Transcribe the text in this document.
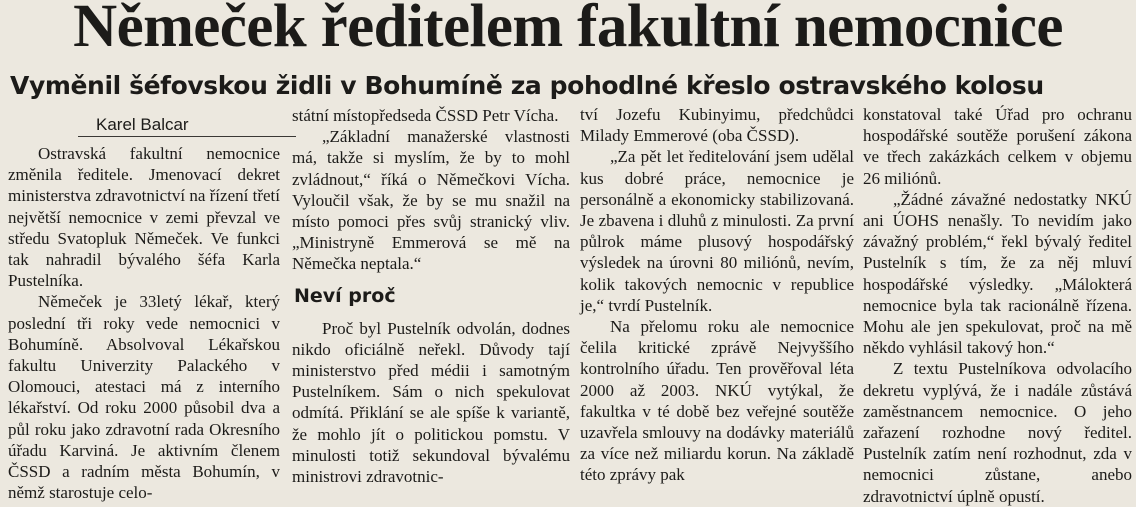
Němeček ředitelem fakultní nemocnice
Vyměnil šéfovskou židli v Bohumíně za pohodlné křeslo ostravského kolosu
Karel Balcar

Ostravská fakultní nemocnice změnila ředitele. Jmenovací dekret ministerstva zdravotnictví na řízení třetí největší nemocnice v zemi převzal ve středu Svatopluk Němeček. Ve funkci tak nahradil bývalého šéfa Karla Pustelníka.

Němeček je 33letý lékař, který poslední tři roky vede nemocnici v Bohumíně. Absolvoval Lékařskou fakultu Univerzity Palackého v Olomouci, atestaci má z interního lékařství. Od roku 2000 působil dva a půl roku jako zdravotní rada Okresního úřadu Karviná. Je aktivním členem ČSSD a radním města Bohumín, v němž starostuje celo-

státní místopředseda ČSSD Petr Vícha.

„Základní manažerské vlastnosti má, takže si myslím, že by to mohl zvládnout,“ říká o Němečkovi Vícha. Vyloučil však, že by se mu snažil na místo pomoci přes svůj stranický vliv. „Ministryně Emmerová se mě na Němečka neptala.“

Neví proč

Proč byl Pustelník odvolán, dodnes nikdo oficiálně neřekl. Důvody tají ministerstvo před médii i samotným Pustelníkem. Sám o nich spekulovat odmítá. Přiklání se ale spíše k variantě, že mohlo jít o politickou pomstu. V minulosti totiž sekundoval bývalému ministrovi zdravotnic-

tví Jozefu Kubinyimu, předchůdci Milady Emmerové (oba ČSSD).

„Za pět let ředitelování jsem udělal kus dobré práce, nemocnice je personálně a ekonomicky stabilizovaná. Je zbavena i dluhů z minulosti. Za první půlrok máme plusový hospodářský výsledek na úrovni 80 miliónů, nevím, kolik takových nemocnic v republice je,“ tvrdí Pustelník.

Na přelomu roku ale nemocnice čelila kritické zprávě Nejvyššího kontrolního úřadu. Ten prověřoval léta 2000 až 2003. NKÚ vytýkal, že fakultka v té době bez veřejné soutěže uzavřela smlouvy na dodávky materiálů za více než miliardu korun. Na základě této zprávy pak

konstatoval také Úřad pro ochranu hospodářské soutěže porušení zákona ve třech zakázkách celkem v objemu 26 miliónů.

„Žádné závažné nedostatky NKÚ ani ÚOHS nenašly. To nevidím jako závažný problém,“ řekl bývalý ředitel Pustelník s tím, že za něj mluví hospodářské výsledky. „Málokterá nemocnice byla tak racionálně řízena. Mohu ale jen spekulovat, proč na mě někdo vyhlásil takový hon.“

Z textu Pustelníkova odvolacího dekretu vyplývá, že i nadále zůstává zaměstnancem nemocnice. O jeho zařazení rozhodne nový ředitel. Pustelník zatím není rozhodnut, zda v nemocnici zůstane, anebo zdravotnictví úplně opustí.
